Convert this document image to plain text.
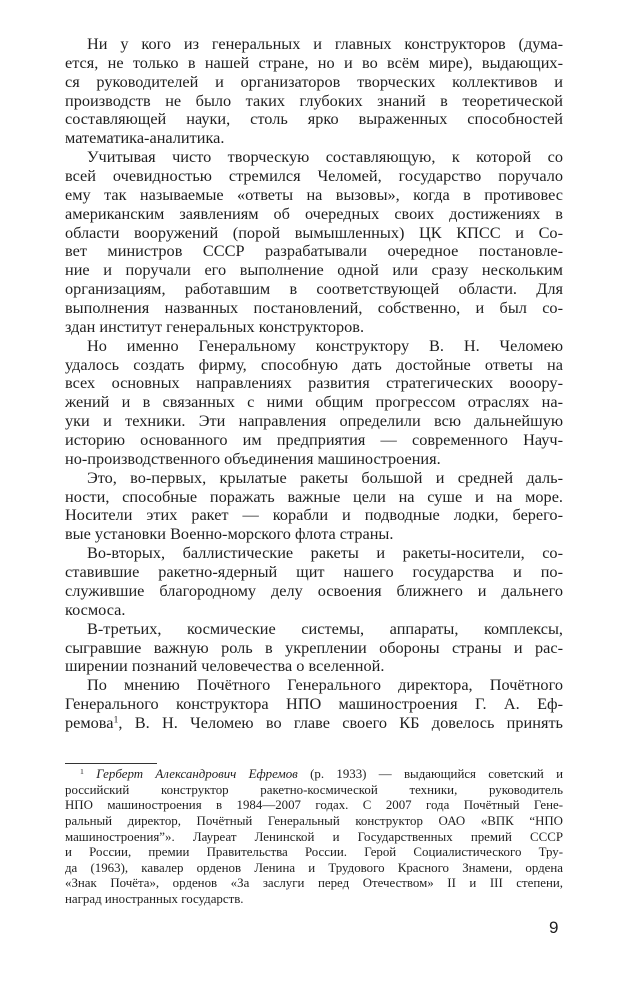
Ни у кого из генеральных и главных конструкторов (дума-
ется, не только в нашей стране, но и во всём мире), выдающих-
ся руководителей и организаторов творческих коллективов и
производств не было таких глубоких знаний в теоретической
составляющей науки, столь ярко выраженных способностей
математика-аналитика.
Учитывая чисто творческую составляющую, к которой со
всей очевидностью стремился Челомей, государство поручало
ему так называемые «ответы на вызовы», когда в противовес
американским заявлениям об очередных своих достижениях в
области вооружений (порой вымышленных) ЦК КПСС и Со-
вет министров СССР разрабатывали очередное постановле-
ние и поручали его выполнение одной или сразу нескольким
организациям, работавшим в соответствующей области. Для
выполнения названных постановлений, собственно, и был со-
здан институт генеральных конструкторов.
Но именно Генеральному конструктору В. Н. Челомею
удалось создать фирму, способную дать достойные ответы на
всех основных направлениях развития стратегических вооору-
жений и в связанных с ними общим прогрессом отраслях на-
уки и техники. Эти направления определили всю дальнейшую
историю основанного им предприятия — современного Науч-
но-производственного объединения машиностроения.
Это, во-первых, крылатые ракеты большой и средней даль-
ности, способные поражать важные цели на суше и на море.
Носители этих ракет — корабли и подводные лодки, берего-
вые установки Военно-морского флота страны.
Во-вторых, баллистические ракеты и ракеты-носители, со-
ставившие ракетно-ядерный щит нашего государства и по-
служившие благородному делу освоения ближнего и дальнего
космоса.
В-третьих, космические системы, аппараты, комплексы,
сыгравшие важную роль в укреплении обороны страны и рас-
ширении познаний человечества о вселенной.
По мнению Почётного Генерального директора, Почётного
Генерального конструктора НПО машиностроения Г. А. Еф-
ремова$^1$, В. Н. Челомею во главе своего КБ довелось принять
$^1$ Герберт Александрович Ефремов (р. 1933) — выдающийся советский и
российский конструктор ракетно-космической техники, руководитель
НПО машиностроения в 1984—2007 годах. С 2007 года Почётный Гене-
ральный директор, Почётный Генеральный конструктор ОАО «ВПК “НПО
машиностроения”». Лауреат Ленинской и Государственных премий СССР
и России, премии Правительства России. Герой Социалистического Тру-
да (1963), кавалер орденов Ленина и Трудового Красного Знамени, ордена
«Знак Почёта», орденов «За заслуги перед Отечеством» II и III степени,
наград иностранных государств.
9
